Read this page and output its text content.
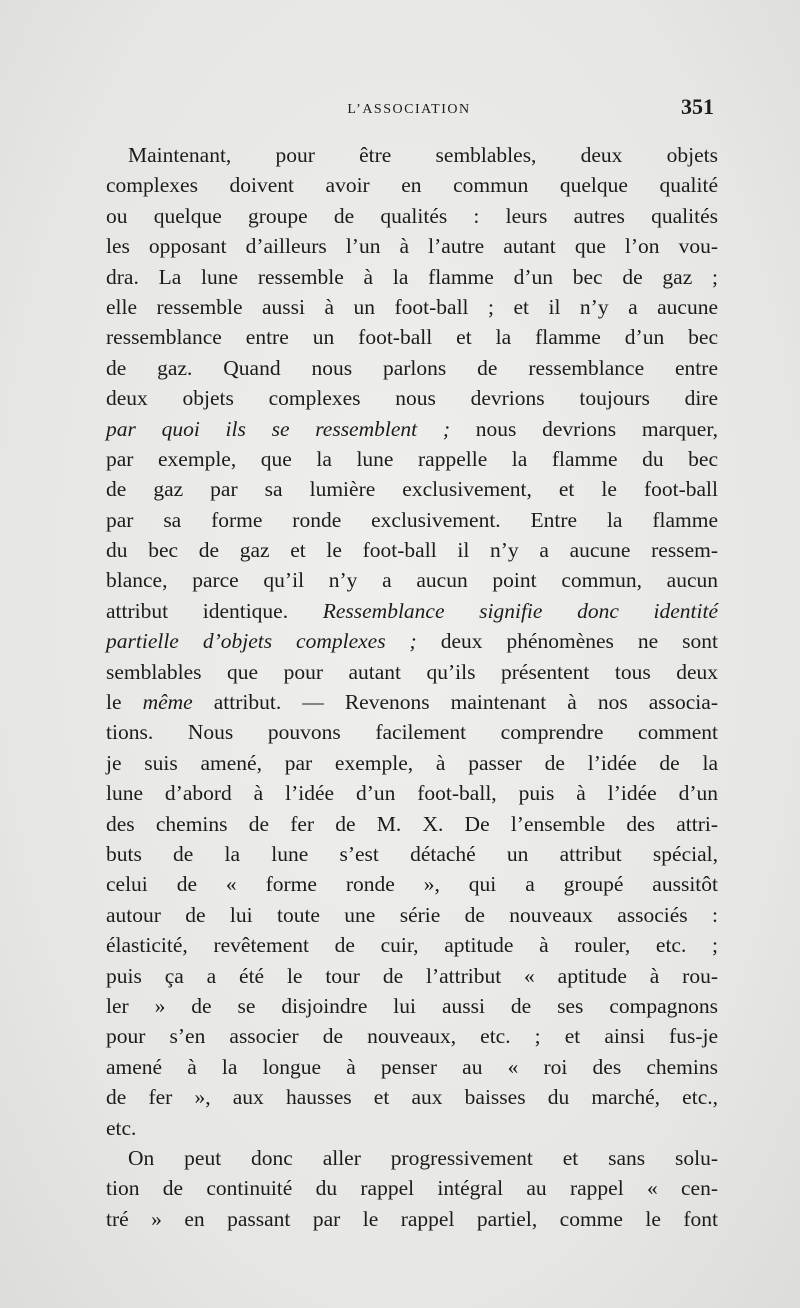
L’ASSOCIATION	351
Maintenant, pour être semblables, deux objets
complexes doivent avoir en commun quelque qualité
ou quelque groupe de qualités : leurs autres qualités
les opposant d’ailleurs l’un à l’autre autant que l’on vou-
dra. La lune ressemble à la flamme d’un bec de gaz ;
elle ressemble aussi à un foot-ball ; et il n’y a aucune
ressemblance entre un foot-ball et la flamme d’un bec
de gaz. Quand nous parlons de ressemblance entre
deux objets complexes nous devrions toujours dire
par quoi ils se ressemblent ; nous devrions marquer,
par exemple, que la lune rappelle la flamme du bec
de gaz par sa lumière exclusivement, et le foot-ball
par sa forme ronde exclusivement. Entre la flamme
du bec de gaz et le foot-ball il n’y a aucune ressem-
blance, parce qu’il n’y a aucun point commun, aucun
attribut identique. Ressemblance signifie donc identité
partielle d’objets complexes ; deux phénomènes ne sont
semblables que pour autant qu’ils présentent tous deux
le même attribut. — Revenons maintenant à nos associa-
tions. Nous pouvons facilement comprendre comment
je suis amené, par exemple, à passer de l’idée de la
lune d’abord à l’idée d’un foot-ball, puis à l’idée d’un
des chemins de fer de M. X. De l’ensemble des attri-
buts de la lune s’est détaché un attribut spécial,
celui de « forme ronde », qui a groupé aussitôt
autour de lui toute une série de nouveaux associés :
élasticité, revêtement de cuir, aptitude à rouler, etc. ;
puis ça a été le tour de l’attribut « aptitude à rou-
ler » de se disjoindre lui aussi de ses compagnons
pour s’en associer de nouveaux, etc. ; et ainsi fus-je
amené à la longue à penser au « roi des chemins
de fer », aux hausses et aux baisses du marché, etc.,
etc.
On peut donc aller progressivement et sans solu-
tion de continuité du rappel intégral au rappel « cen-
tré » en passant par le rappel partiel, comme le font
